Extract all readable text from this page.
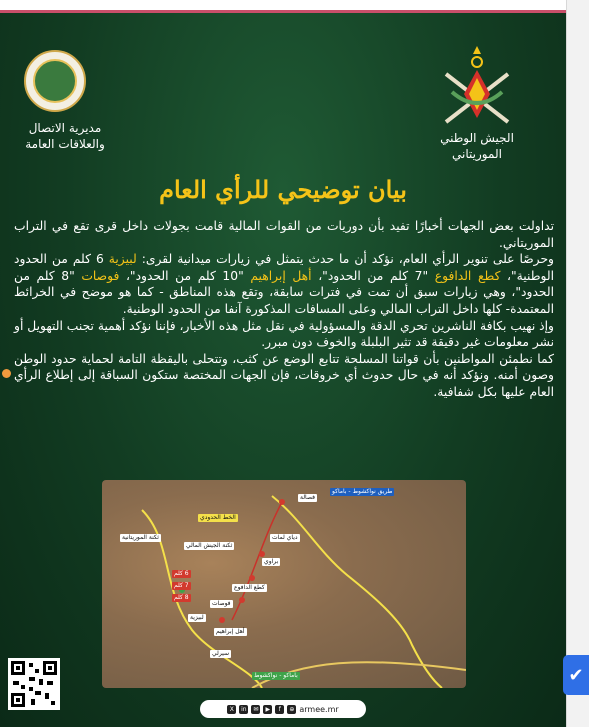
مديرية الاتصال والعلاقات العامة	الجيش الوطني الموريتاني
بيان توضيحي للرأي العام

تداولت بعض الجهات أخبارًا تفيد بأن دوريات من القوات المالية قامت بجولات داخل قرى تقع في التراب الموريتاني.

وحرصًا على تنوير الرأي العام، نؤكد أن ما حدث يتمثل في زيارات ميدانية لقرى: لبيزية 6 كلم من الحدود الوطنية"، كطع الدافوع "7 كلم من الحدود"، أهل إبراهيم "10 كلم من الحدود"، فوصات "8 كلم من الحدود"، وهي زيارات سبق أن تمت في فترات سابقة، وتقع هذه المناطق - كما هو موضح في الخرائط المعتمدة- كلها داخل التراب المالي وعلى المسافات المذكورة آنفا من الحدود الوطنية.

وإذ نهيب بكافة الناشرين تحري الدقة والمسؤولية في نقل مثل هذه الأخبار، فإننا نؤكد أهمية تجنب التهويل أو نشر معلومات غير دقيقة قد تثير البلبلة والخوف دون مبرر.

كما نطمئن المواطنين بأن قواتنا المسلحة تتابع الوضع عن كثب، وتتحلى باليقظة التامة لحماية حدود الوطن وصون أمنه. ونؤكد أنه في حال حدوث أي خروقات، فإن الجهات المختصة ستكون السباقة إلى إطلاع الرأي العام عليها بكل شفافية.

طريق نواكشوط - باماكو
فصالة
الخط الحدودي
ثكنة الموريتانية
ثكنة الجيش المالي
دياي لمات
براوي
كطع الدافوع
فوصات
لبيزية
أهل إبراهيم
سيرلي
باماكو - نواكشوط
6 كلم
7 كلم
8 كلم
X	in	✉	▶	f	⊕ armee.mr
✔
